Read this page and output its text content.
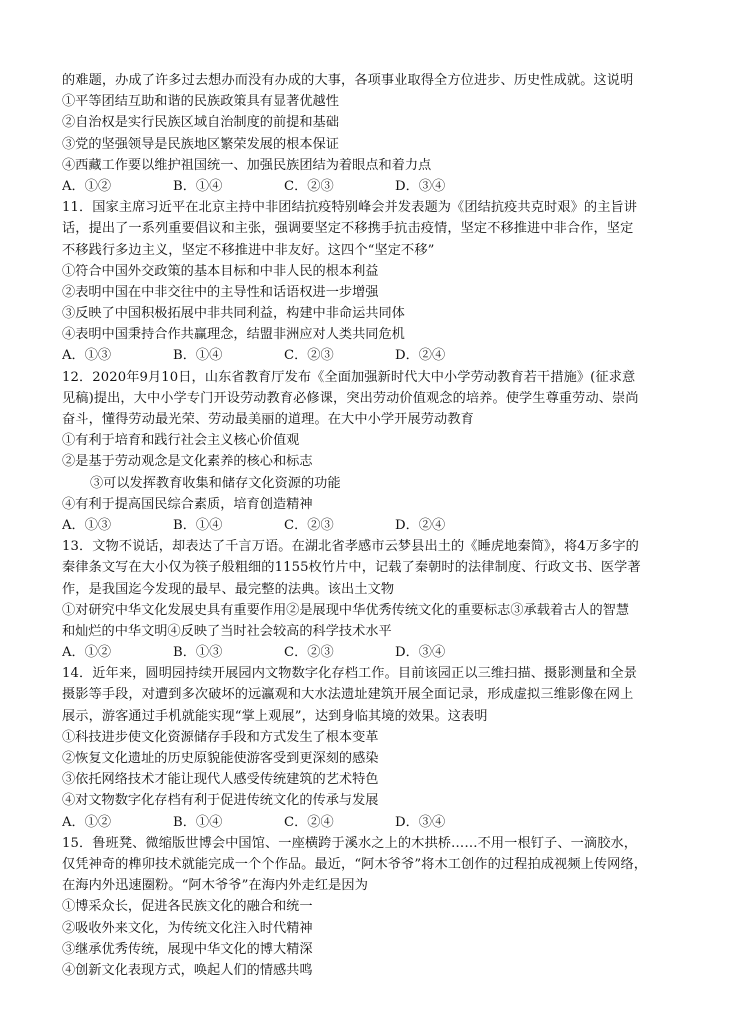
的难题，办成了许多过去想办而没有办成的大事，各项事业取得全方位进步、历史性成就。这说明
①平等团结互助和谐的民族政策具有显著优越性
②自治权是实行民族区域自治制度的前提和基础
③党的坚强领导是民族地区繁荣发展的根本保证
④西藏工作要以维护祖国统一、加强民族团结为着眼点和着力点
A．①②	B．①④	C．②③	D．③④
11．国家主席习近平在北京主持中非团结抗疫特别峰会并发表题为《团结抗疫共克时艰》的主旨讲
话，提出了一系列重要倡议和主张，强调要坚定不移携手抗击疫情，坚定不移推进中非合作，坚定
不移践行多边主义，坚定不移推进中非友好。这四个“坚定不移”
①符合中国外交政策的基本目标和中非人民的根本利益
②表明中国在中非交往中的主导性和话语权进一步增强
③反映了中国积极拓展中非共同利益，构建中非命运共同体
④表明中国秉持合作共赢理念，结盟非洲应对人类共同危机
A．①③	B．①④	C．②③	D．②④
12．2020年9月10日，山东省教育厅发布《全面加强新时代大中小学劳动教育若干措施》(征求意
见稿)提出，大中小学专门开设劳动教育必修课，突出劳动价值观念的培养。使学生尊重劳动、崇尚
奋斗，懂得劳动最光荣、劳动最美丽的道理。在大中小学开展劳动教育
①有利于培育和践行社会主义核心价值观
②是基于劳动观念是文化素养的核心和标志
③可以发挥教育收集和储存文化资源的功能
④有利于提高国民综合素质，培育创造精神
A．①③	B．①④	C．②③	D．②④
13．文物不说话，却表达了千言万语。在湖北省孝感市云梦县出土的《睡虎地秦简》，将4万多字的
秦律条文写在大小仅为筷子般粗细的1155枚竹片中，记载了秦朝时的法律制度、行政文书、医学著
作，是我国迄今发现的最早、最完整的法典。该出土文物
①对研究中华文化发展史具有重要作用②是展现中华优秀传统文化的重要标志③承载着古人的智慧
和灿烂的中华文明④反映了当时社会较高的科学技术水平
A．①②	B．①③	C．②③	D．③④
14．近年来，圆明园持续开展园内文物数字化存档工作。目前该园正以三维扫描、摄影测量和全景
摄影等手段，对遭到多次破坏的远瀛观和大水法遗址建筑开展全面记录，形成虚拟三维影像在网上
展示，游客通过手机就能实现“掌上观展”，达到身临其境的效果。这表明
①科技进步使文化资源储存手段和方式发生了根本变革
②恢复文化遗址的历史原貌能使游客受到更深刻的感染
③依托网络技术才能让现代人感受传统建筑的艺术特色
④对文物数字化存档有利于促进传统文化的传承与发展
A．①②	B．①④	C．②④	D．③④
15．鲁班凳、微缩版世博会中国馆、一座横跨于溪水之上的木拱桥……不用一根钉子、一滴胶水，
仅凭神奇的榫卯技术就能完成一个个作品。最近，“阿木爷爷”将木工创作的过程拍成视频上传网络，
在海内外迅速圈粉。“阿木爷爷”在海内外走红是因为
①博采众长，促进各民族文化的融合和统一
②吸收外来文化，为传统文化注入时代精神
③继承优秀传统，展现中华文化的博大精深
④创新文化表现方式，唤起人们的情感共鸣
